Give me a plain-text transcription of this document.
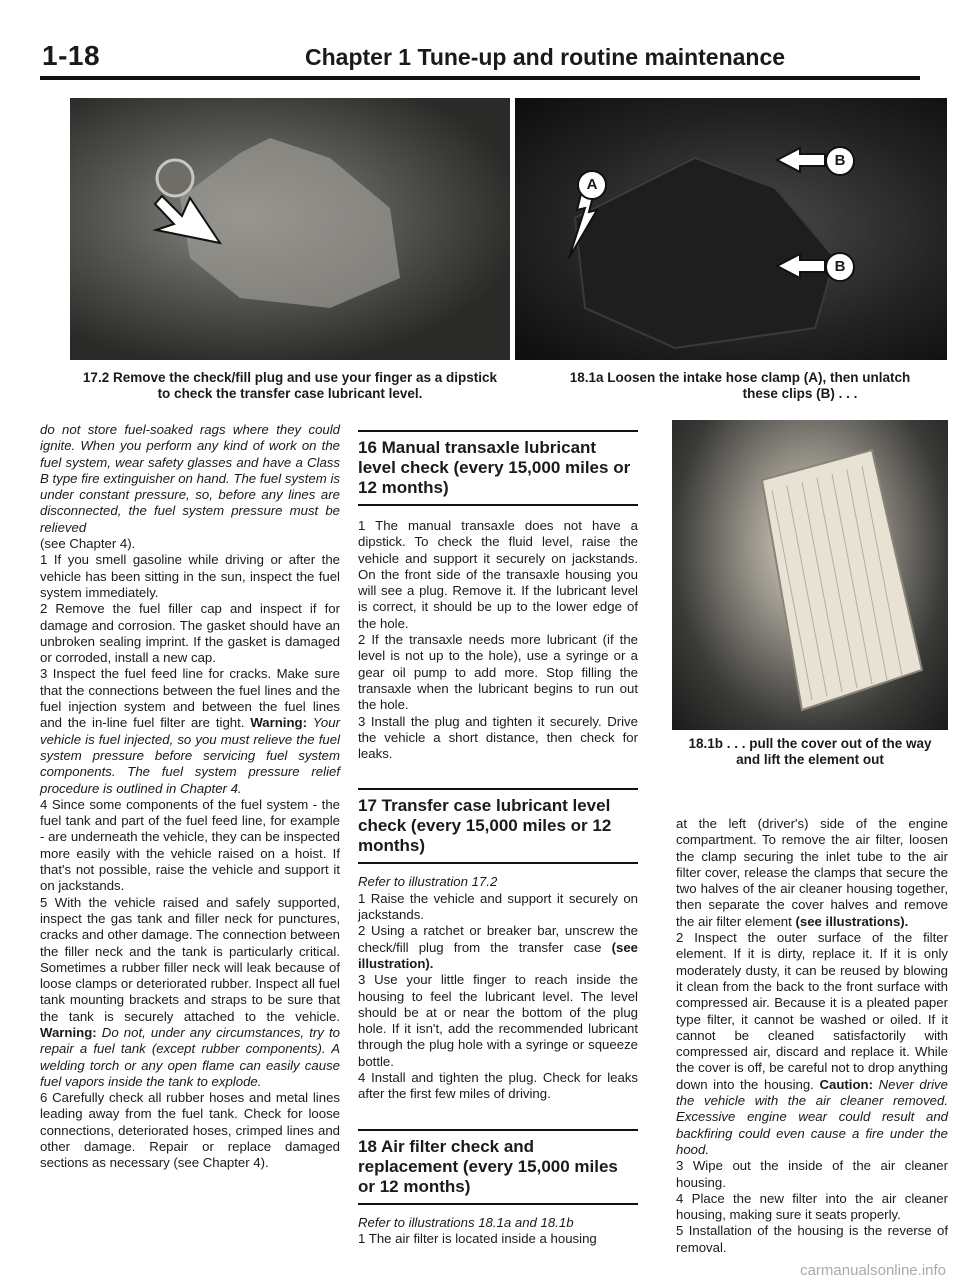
1-18	Chapter 1 Tune-up and routine maintenance
A
B
B
17.2 Remove the check/fill plug and use your finger as a dipstick
to check the transfer case lubricant level.
18.1a Loosen the intake hose clamp (A), then unlatch
these clips (B) . . .

do not store fuel-soaked rags where they could ignite. When you perform any kind of work on the fuel system, wear safety glasses and have a Class B type fire extinguisher on hand. The fuel system is under constant pressure, so, before any lines are disconnected, the fuel system pressure must be relieved

(see Chapter 4).

1 If you smell gasoline while driving or after the vehicle has been sitting in the sun, inspect the fuel system immediately.

2 Remove the fuel filler cap and inspect if for damage and corrosion. The gasket should have an unbroken sealing imprint. If the gasket is damaged or corroded, install a new cap.

3 Inspect the fuel feed line for cracks. Make sure that the connections between the fuel lines and the fuel injection system and between the fuel lines and the in-line fuel filter are tight. Warning: Your vehicle is fuel injected, so you must relieve the fuel system pressure before servicing fuel system components. The fuel system pressure relief procedure is outlined in Chapter 4.

4 Since some components of the fuel system - the fuel tank and part of the fuel feed line, for example - are underneath the vehicle, they can be inspected more easily with the vehicle raised on a hoist. If that's not possible, raise the vehicle and support it on jackstands.

5 With the vehicle raised and safely supported, inspect the gas tank and filler neck for punctures, cracks and other damage. The connection between the filler neck and the tank is particularly critical. Sometimes a rubber filler neck will leak because of loose clamps or deteriorated rubber. Inspect all fuel tank mounting brackets and straps to be sure that the tank is securely attached to the vehicle. Warning: Do not, under any circumstances, try to repair a fuel tank (except rubber components). A welding torch or any open flame can easily cause fuel vapors inside the tank to explode.

6 Carefully check all rubber hoses and metal lines leading away from the fuel tank. Check for loose connections, deteriorated hoses, crimped lines and other damage. Repair or replace damaged sections as necessary (see Chapter 4).

16 Manual transaxle lubricant level check (every 15,000 miles or 12 months)

1 The manual transaxle does not have a dipstick. To check the fluid level, raise the vehicle and support it securely on jackstands. On the front side of the transaxle housing you will see a plug. Remove it. If the lubricant level is correct, it should be up to the lower edge of the hole.

2 If the transaxle needs more lubricant (if the level is not up to the hole), use a syringe or a gear oil pump to add more. Stop filling the transaxle when the lubricant begins to run out the hole.

3 Install the plug and tighten it securely. Drive the vehicle a short distance, then check for leaks.

17 Transfer case lubricant level check (every 15,000 miles or 12 months)

Refer to illustration 17.2

1 Raise the vehicle and support it securely on jackstands.

2 Using a ratchet or breaker bar, unscrew the check/fill plug from the transfer case (see illustration).

3 Use your little finger to reach inside the housing to feel the lubricant level. The level should be at or near the bottom of the plug hole. If it isn't, add the recommended lubricant through the plug hole with a syringe or squeeze bottle.

4 Install and tighten the plug. Check for leaks after the first few miles of driving.

18 Air filter check and replacement (every 15,000 miles or 12 months)

Refer to illustrations 18.1a and 18.1b

1 The air filter is located inside a housing

18.1b . . . pull the cover out of the way
and lift the element out

at the left (driver's) side of the engine compartment. To remove the air filter, loosen the clamp securing the inlet tube to the air filter cover, release the clamps that secure the two halves of the air cleaner housing together, then separate the cover halves and remove the air filter element (see illustrations).

2 Inspect the outer surface of the filter element. If it is dirty, replace it. If it is only moderately dusty, it can be reused by blowing it clean from the back to the front surface with compressed air. Because it is a pleated paper type filter, it cannot be washed or oiled. If it cannot be cleaned satisfactorily with compressed air, discard and replace it. While the cover is off, be careful not to drop anything down into the housing. Caution: Never drive the vehicle with the air cleaner removed. Excessive engine wear could result and backfiring could even cause a fire under the hood.

3 Wipe out the inside of the air cleaner housing.

4 Place the new filter into the air cleaner housing, making sure it seats properly.

5 Installation of the housing is the reverse of removal.

carmanualsonline.info
